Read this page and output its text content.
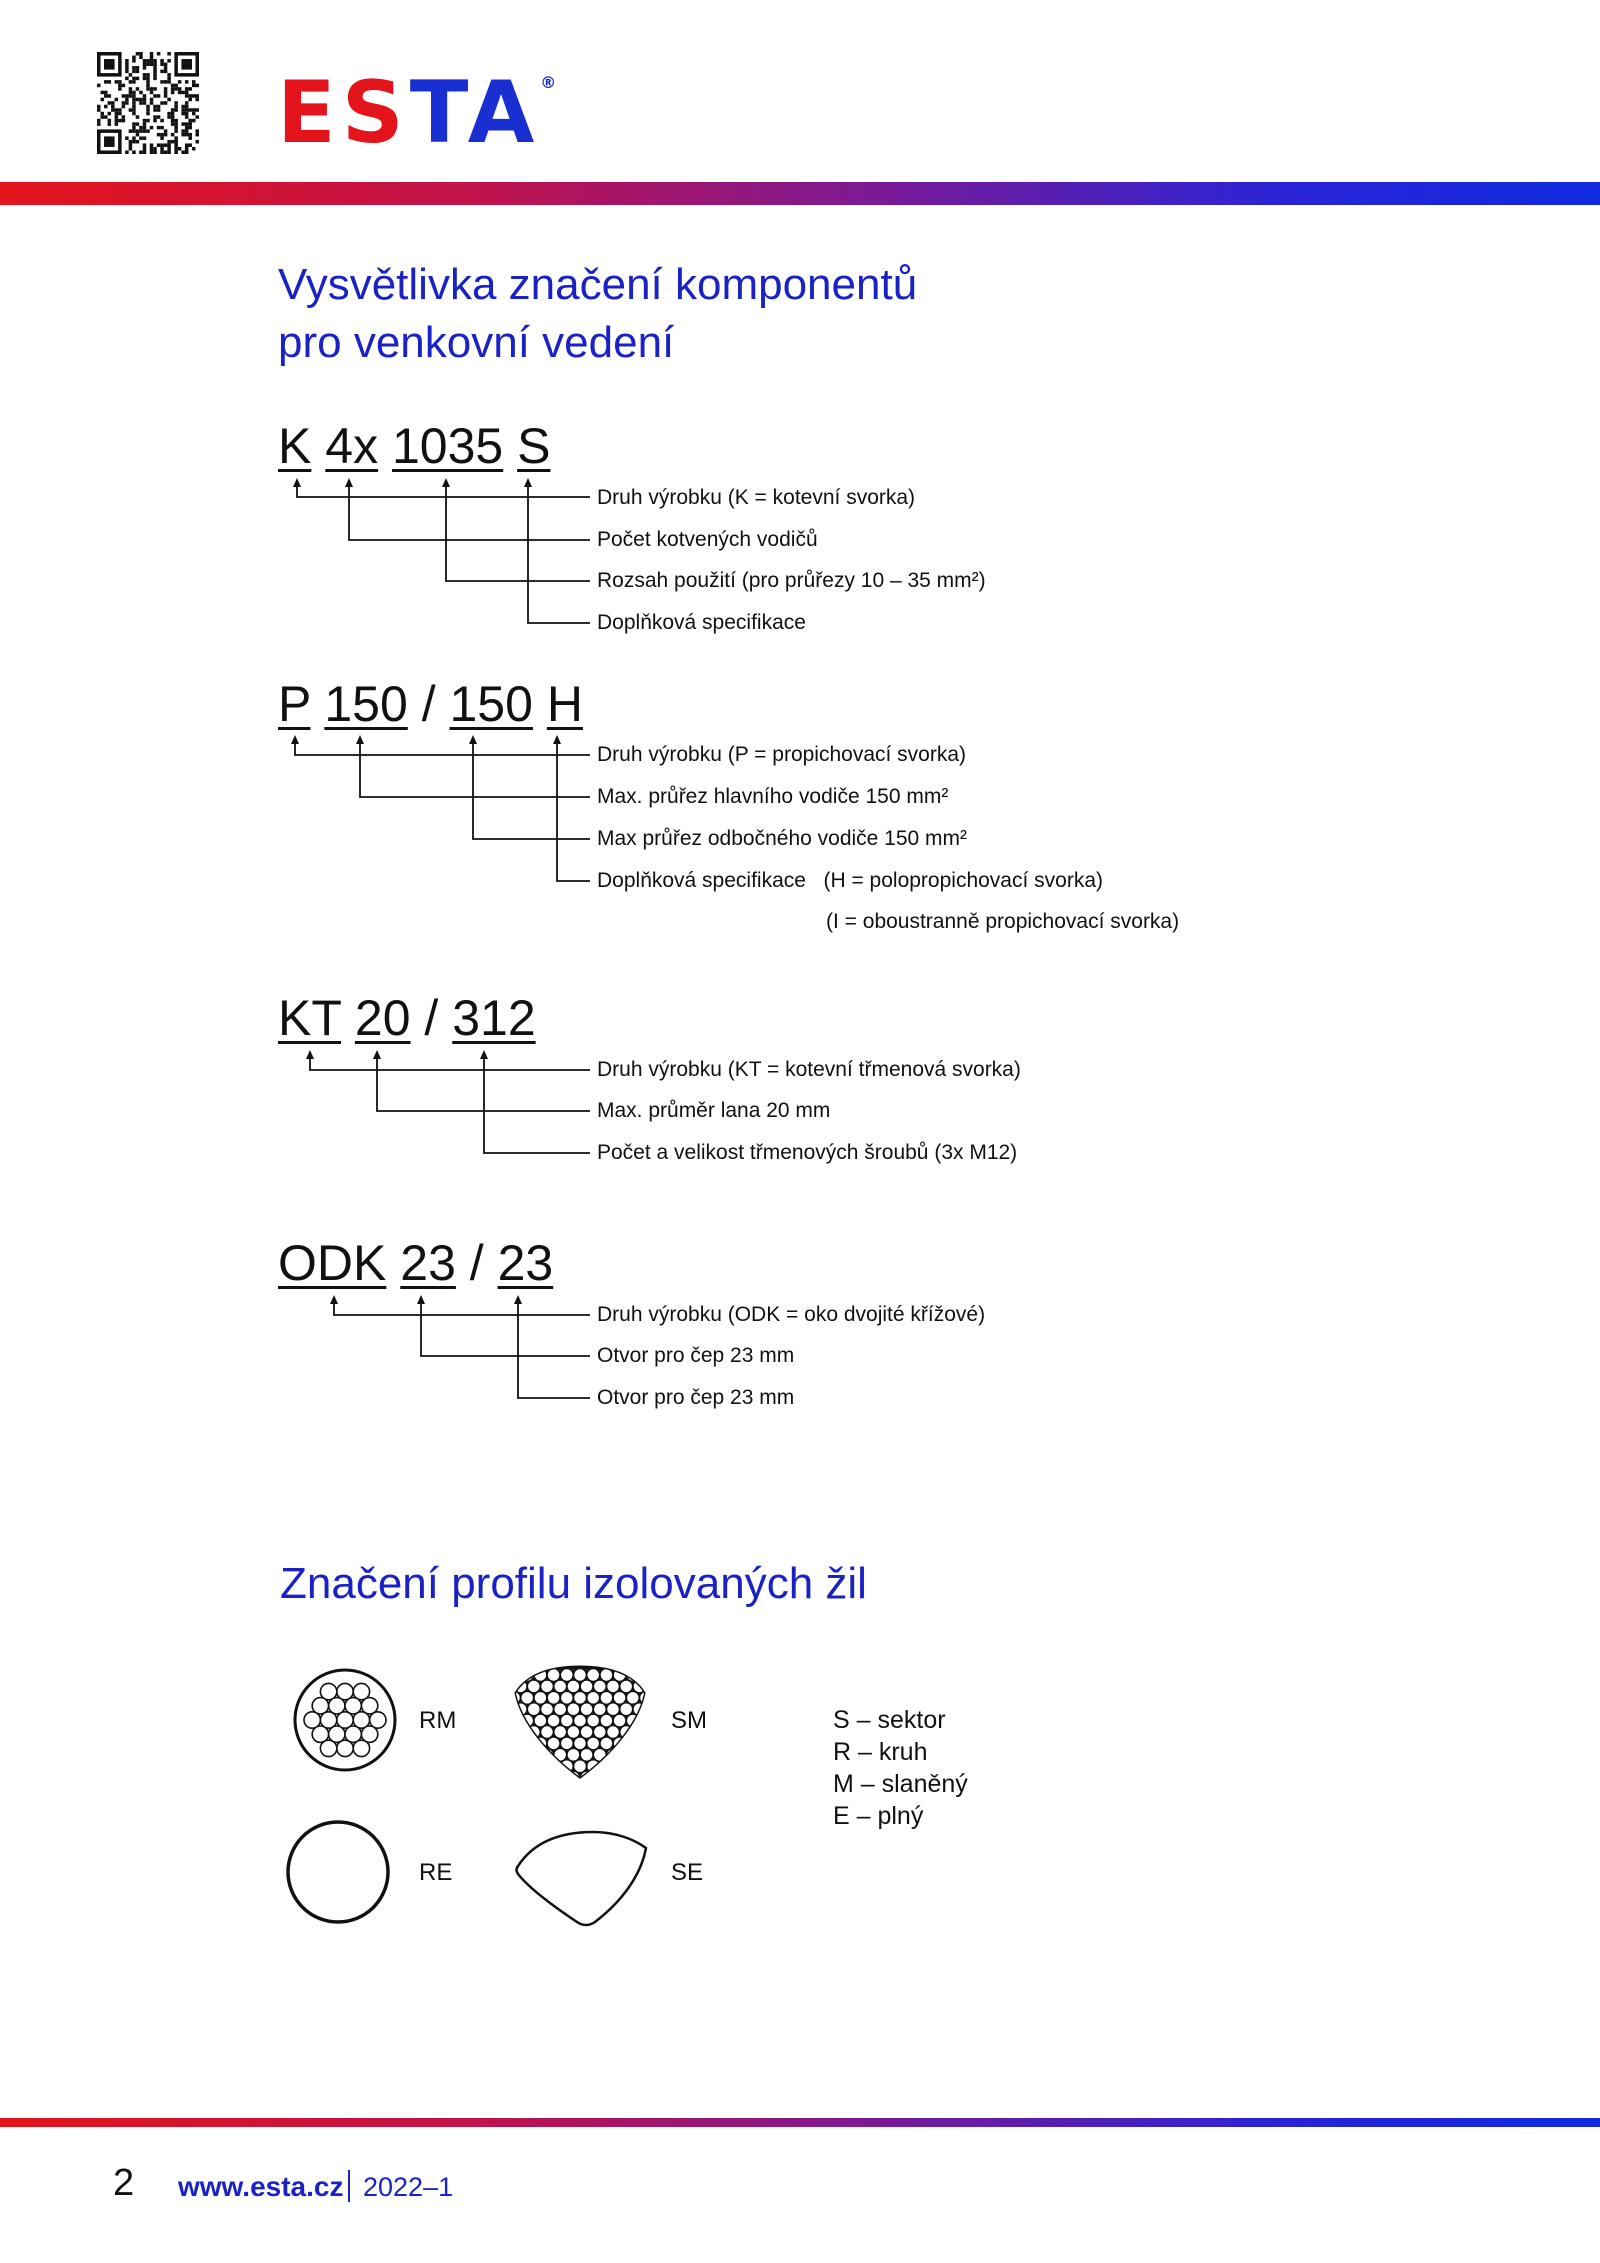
ESTA®
Vysvětlivka značení komponentů
pro venkovní vedení
K 4x 1035 S
Druh výrobku (K = kotevní svorka)
Počet kotvených vodičů
Rozsah použití (pro průřezy 10 – 35 mm²)
Doplňková specifikace
P 150 / 150 H
Druh výrobku (P = propichovací svorka)
Max. průřez hlavního vodiče 150 mm²
Max průřez odbočného vodiče 150 mm²
Doplňková specifikace   (H = polopropichovací svorka)
(I = oboustranně propichovací svorka)
KT 20 / 312
Druh výrobku (KT = kotevní třmenová svorka)
Max. průměr lana 20 mm
Počet a velikost třmenových šroubů (3x M12)
ODK 23 / 23
Druh výrobku (ODK = oko dvojité křížové)
Otvor pro čep 23 mm
Otvor pro čep 23 mm
Značení profilu izolovaných žil
RM	SM
RE	SE
S – sektor
R – kruh
M – slaněný
E – plný
2 www.esta.cz 2022–1
